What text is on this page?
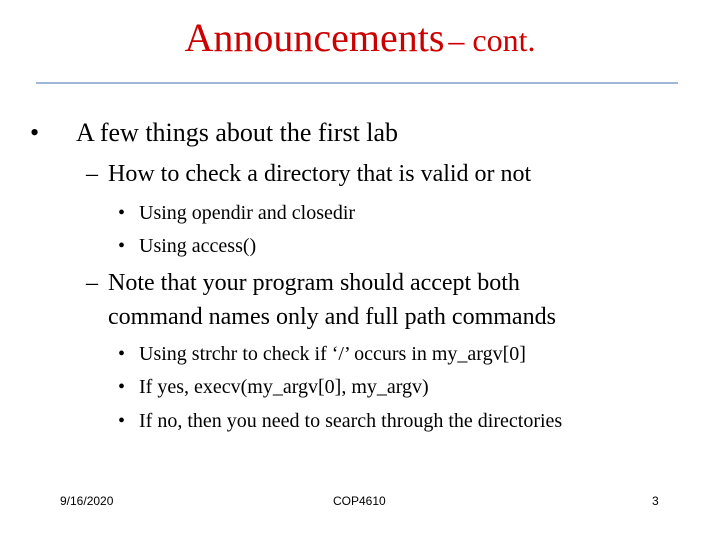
Announcements – cont.
• A few things about the first lab
– How to check a directory that is valid or not
• Using opendir and closedir
• Using access()
– Note that your program should accept both
command names only and full path commands
• Using strchr to check if ‘/’ occurs in my_argv[0]
• If yes, execv(my_argv[0], my_argv)
• If no, then you need to search through the directories
9/16/2020	COP4610	3
